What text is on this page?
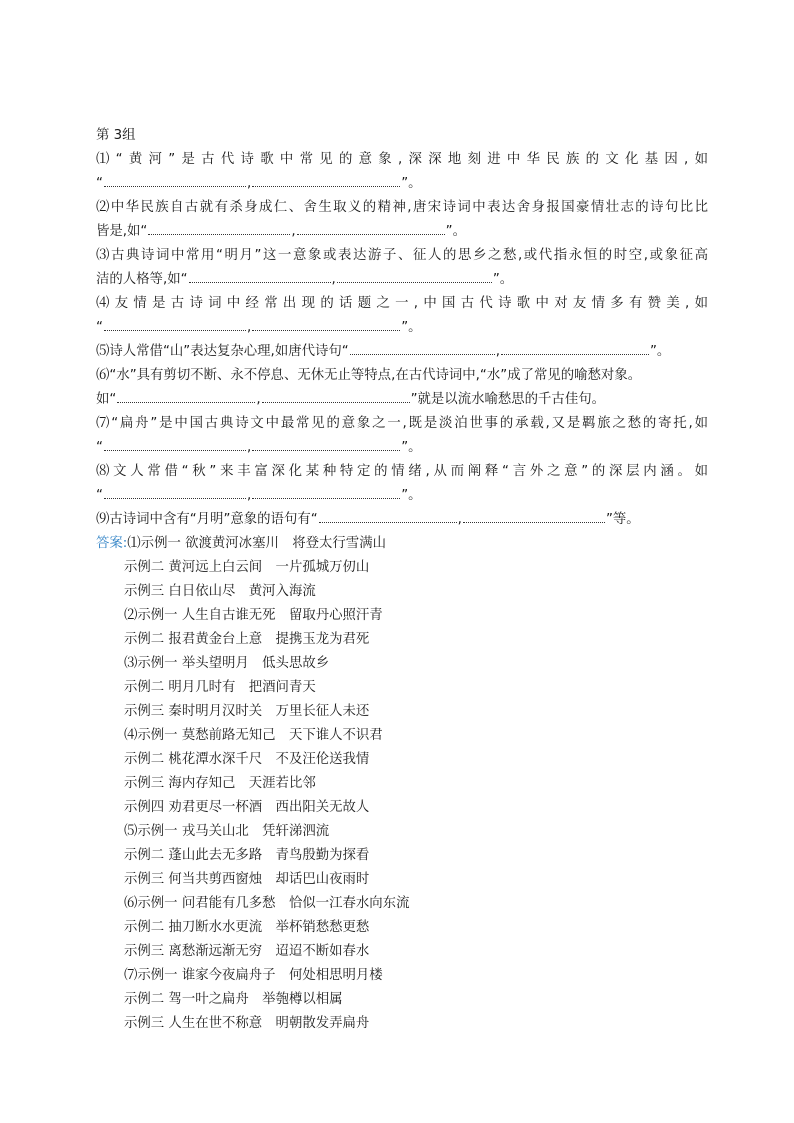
第 3组

⑴“黄河”是古代诗歌中常见的意象,深深地刻进中华民族的文化基因,如

“	,	”。

⑵中华民族自古就有杀身成仁、舍生取义的精神,唐宋诗词中表达舍身报国豪情壮志的诗句比比

皆是,如“	,	”。

⑶古典诗词中常用“明月”这一意象或表达游子、征人的思乡之愁,或代指永恒的时空,或象征高

洁的人格等,如“	,	”。

⑷友情是古诗词中经常出现的话题之一,中国古代诗歌中对友情多有赞美,如

“	,	”。

⑸诗人常借“山”表达复杂心理,如唐代诗句“	,	”。

⑹“水”具有剪切不断、永不停息、无休无止等特点,在古代诗词中,“水”成了常见的喻愁对象。

如“	,	”就是以流水喻愁思的千古佳句。

⑺“扁舟”是中国古典诗文中最常见的意象之一,既是淡泊世事的承载,又是羁旅之愁的寄托,如

“	,	”。

⑻文人常借“秋”来丰富深化某种特定的情绪,从而阐释“言外之意”的深层内涵。如

“	,	”。

⑼古诗词中含有“月明”意象的语句有“	,	”等。

答案:⑴示例一 欲渡黄河冰塞川　将登太行雪满山

示例二 黄河远上白云间　一片孤城万仞山

示例三 白日依山尽　黄河入海流

⑵示例一 人生自古谁无死　留取丹心照汗青

示例二 报君黄金台上意　提携玉龙为君死

⑶示例一 举头望明月　低头思故乡

示例二 明月几时有　把酒问青天

示例三 秦时明月汉时关　万里长征人未还

⑷示例一 莫愁前路无知己　天下谁人不识君

示例二 桃花潭水深千尺　不及汪伦送我情

示例三 海内存知己　天涯若比邻

示例四 劝君更尽一杯酒　西出阳关无故人

⑸示例一 戎马关山北　凭轩涕泗流

示例二 蓬山此去无多路　青鸟殷勤为探看

示例三 何当共剪西窗烛　却话巴山夜雨时

⑹示例一 问君能有几多愁　恰似一江春水向东流

示例二 抽刀断水水更流　举杯销愁愁更愁

示例三 离愁渐远渐无穷　迢迢不断如春水

⑺示例一 谁家今夜扁舟子　何处相思明月楼

示例二 驾一叶之扁舟　举匏樽以相属

示例三 人生在世不称意　明朝散发弄扁舟
